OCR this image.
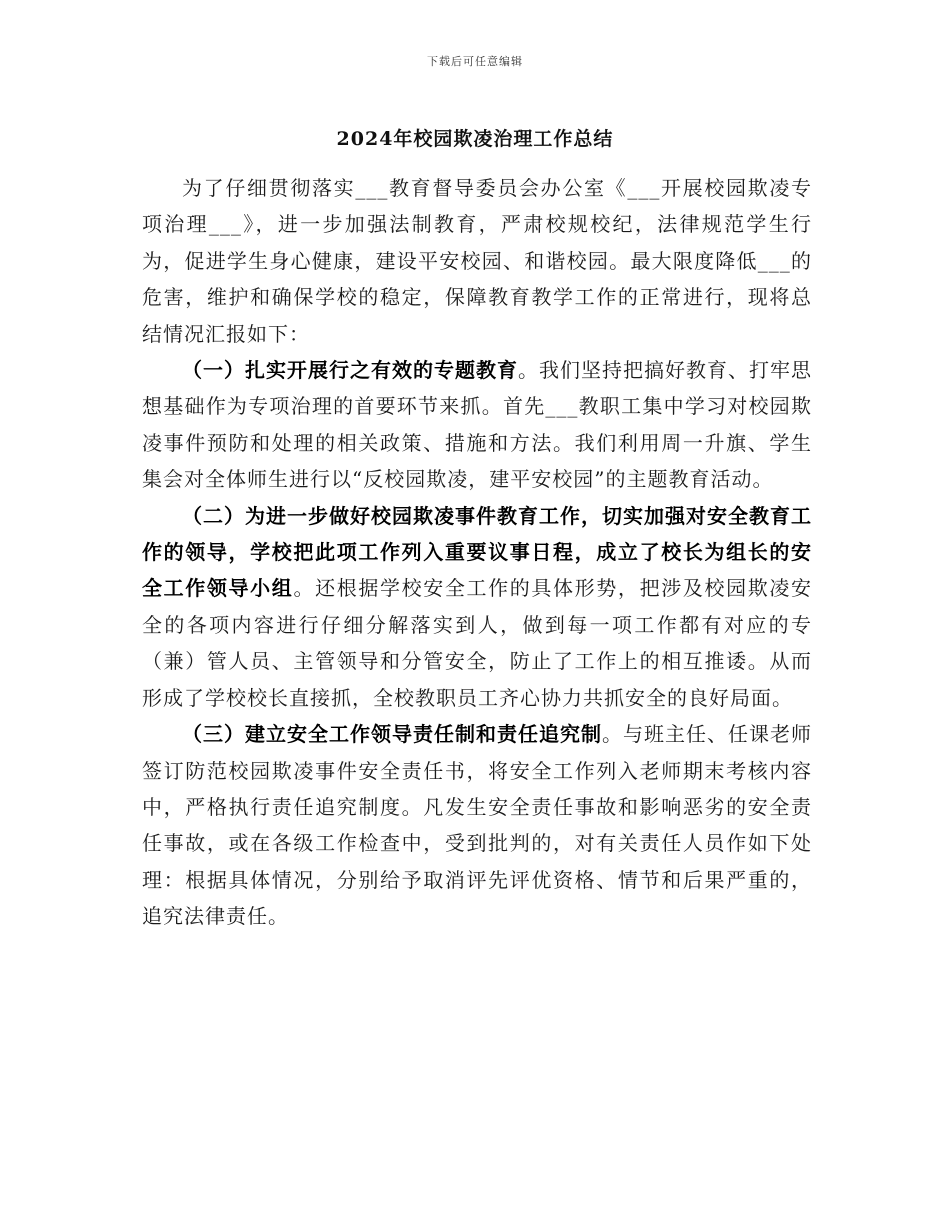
下载后可任意编辑
2024年校园欺凌治理工作总结

为了仔细贯彻落实___教育督导委员会办公室《___开展校园欺凌专项治理___》，进一步加强法制教育，严肃校规校纪，法律规范学生行为，促进学生身心健康，建设平安校园、和谐校园。最大限度降低___的危害，维护和确保学校的稳定，保障教育教学工作的正常进行，现将总结情况汇报如下：

（一）扎实开展行之有效的专题教育。我们坚持把搞好教育、打牢思想基础作为专项治理的首要环节来抓。首先___教职工集中学习对校园欺凌事件预防和处理的相关政策、措施和方法。我们利用周一升旗、学生集会对全体师生进行以“反校园欺凌，建平安校园”的主题教育活动。

（二）为进一步做好校园欺凌事件教育工作，切实加强对安全教育工作的领导，学校把此项工作列入重要议事日程，成立了校长为组长的安全工作领导小组。还根据学校安全工作的具体形势，把涉及校园欺凌安全的各项内容进行仔细分解落实到人，做到每一项工作都有对应的专（兼）管人员、主管领导和分管安全，防止了工作上的相互推诿。从而形成了学校校长直接抓，全校教职员工齐心协力共抓安全的良好局面。

（三）建立安全工作领导责任制和责任追究制。与班主任、任课老师签订防范校园欺凌事件安全责任书，将安全工作列入老师期末考核内容中，严格执行责任追究制度。凡发生安全责任事故和影响恶劣的安全责任事故，或在各级工作检查中，受到批判的，对有关责任人员作如下处理：根据具体情况，分别给予取消评先评优资格、情节和后果严重的，追究法律责任。
